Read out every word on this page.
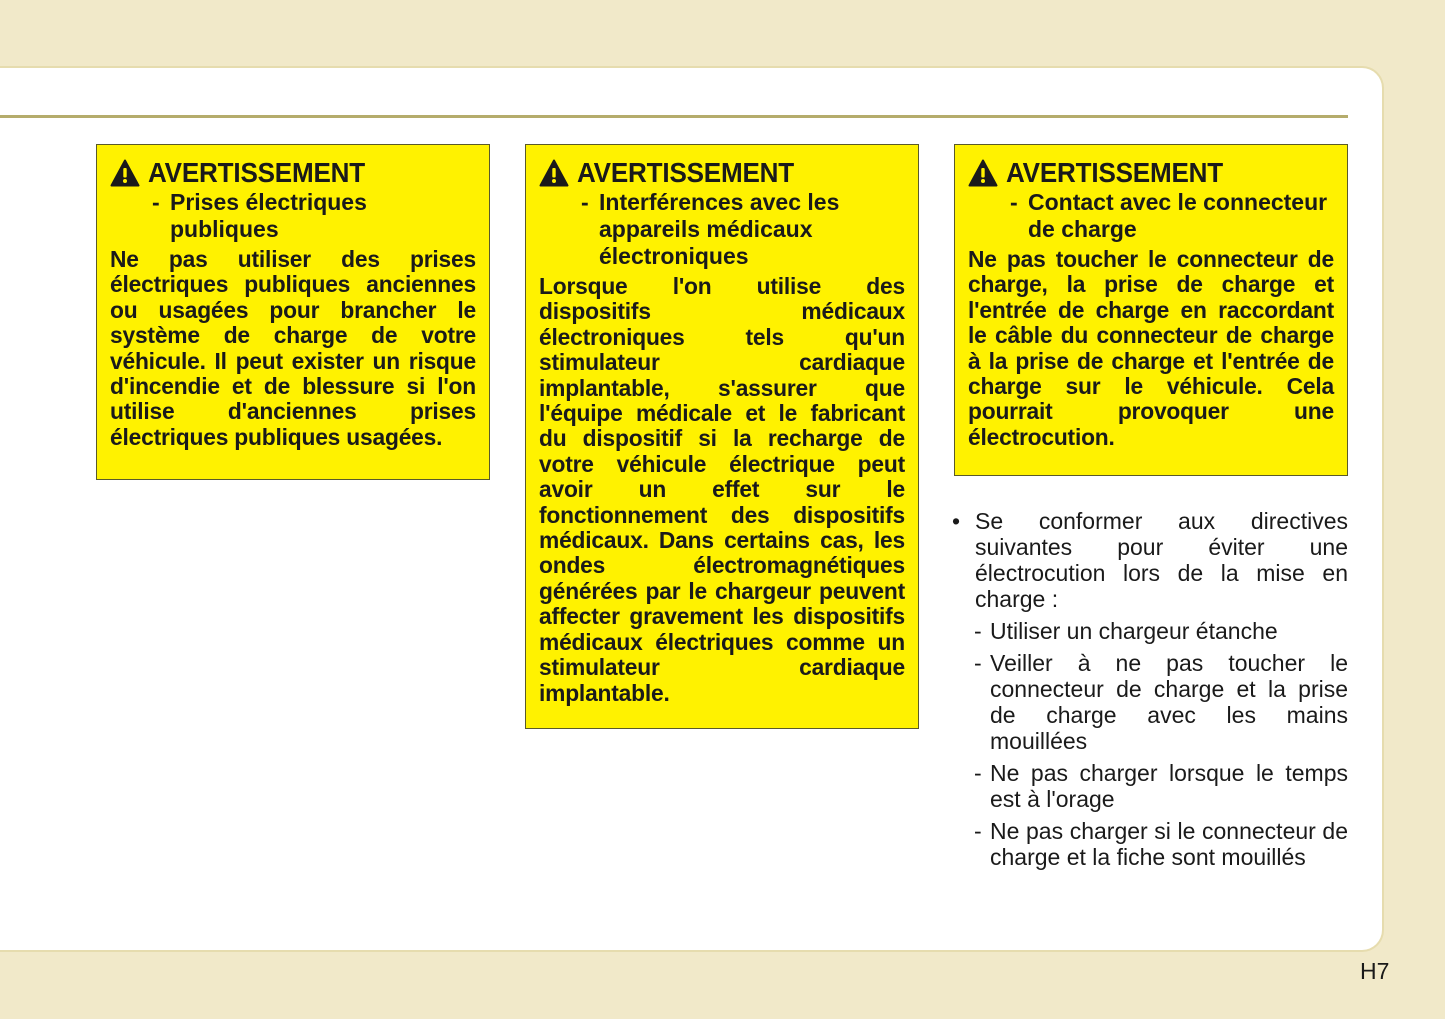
AVERTISSEMENT
- Prises électriques publiques
Ne pas utiliser des prises électriques publiques anciennes ou usagées pour brancher le système de charge de votre véhicule. Il peut exister un risque d'incendie et de blessure si l'on utilise d'anciennes prises électriques publiques usagées.
AVERTISSEMENT
- Interférences avec les appareils médicaux électroniques
Lorsque l'on utilise des dispositifs médicaux électroniques tels qu'un stimulateur cardiaque implantable, s'assurer que l'équipe médicale et le fabricant du dispositif si la recharge de votre véhicule électrique peut avoir un effet sur le fonctionnement des dispositifs médicaux. Dans certains cas, les ondes électromagnétiques générées par le chargeur peuvent affecter gravement les dispositifs médicaux électriques comme un stimulateur cardiaque implantable.
AVERTISSEMENT
- Contact avec le connecteur de charge
Ne pas toucher le connecteur de charge, la prise de charge et l'entrée de charge en raccordant le câble du connecteur de charge à la prise de charge et l'entrée de charge sur le véhicule. Cela pourrait provoquer une électrocution.
• Se conformer aux directives suivantes pour éviter une électrocution lors de la mise en charge :
- Utiliser un chargeur étanche
- Veiller à ne pas toucher le connecteur de charge et la prise de charge avec les mains mouillées
- Ne pas charger lorsque le temps est à l'orage
- Ne pas charger si le connecteur de charge et la fiche sont mouillés
H7
